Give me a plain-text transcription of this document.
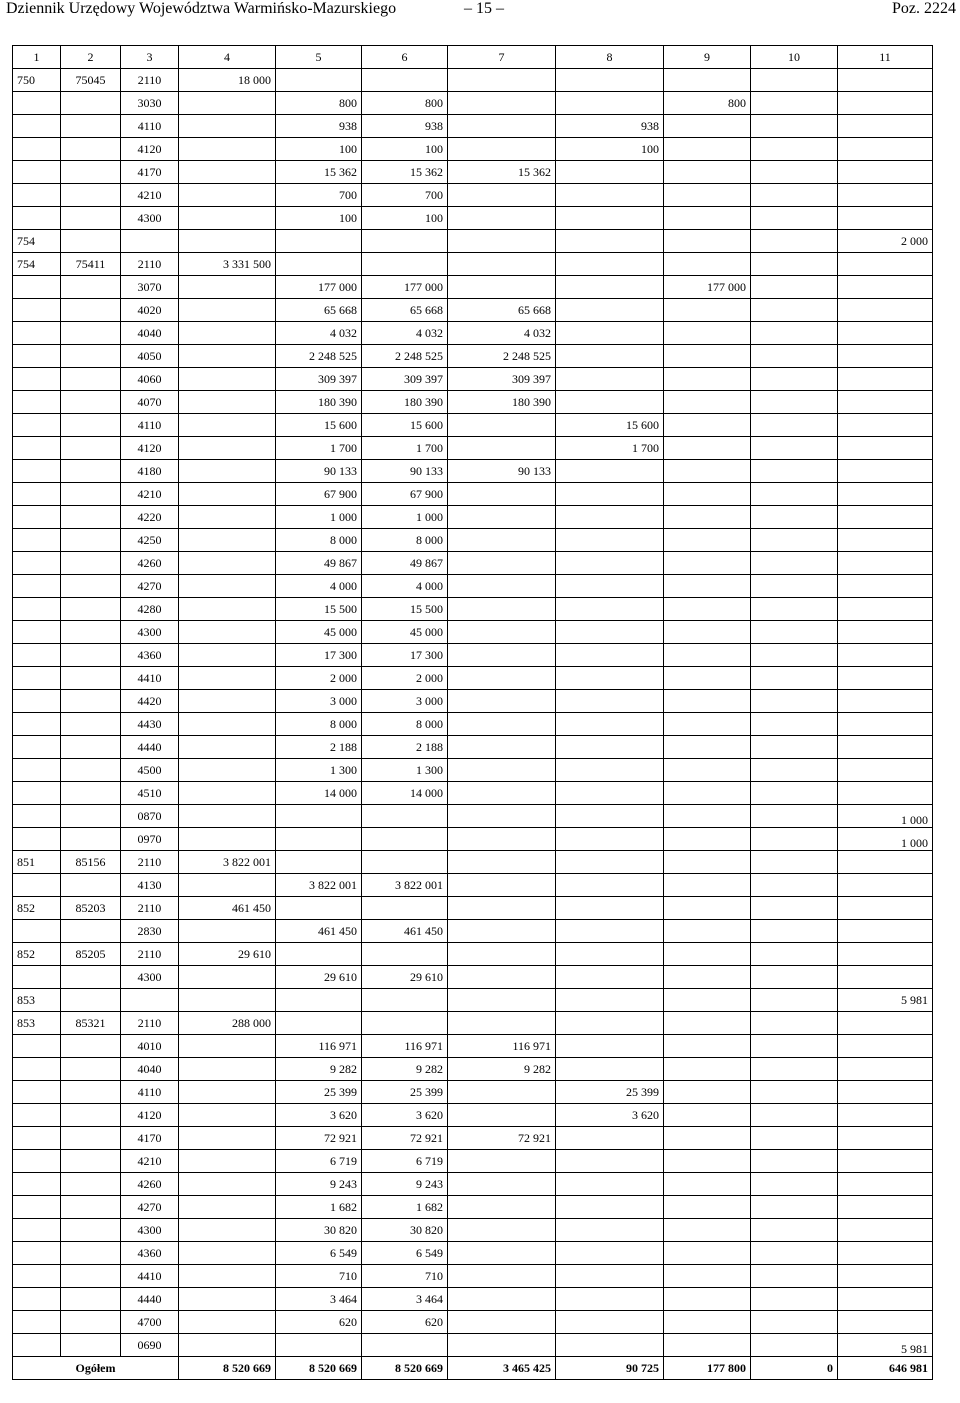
Dziennik Urzędowy Województwa Warmińsko-Mazurskiego	– 15 –	Poz. 2224
1	2	3	4	5	6	7	8	9	10	11
750	75045	2110	18 000							
		3030		800	800			800		
		4110		938	938		938			
		4120		100	100		100			
		4170		15 362	15 362	15 362				
		4210		700	700					
		4300		100	100					
754										2 000
754	75411	2110	3 331 500							
		3070		177 000	177 000			177 000		
		4020		65 668	65 668	65 668				
		4040		4 032	4 032	4 032				
		4050		2 248 525	2 248 525	2 248 525				
		4060		309 397	309 397	309 397				
		4070		180 390	180 390	180 390				
		4110		15 600	15 600		15 600			
		4120		1 700	1 700		1 700			
		4180		90 133	90 133	90 133				
		4210		67 900	67 900					
		4220		1 000	1 000					
		4250		8 000	8 000					
		4260		49 867	49 867					
		4270		4 000	4 000					
		4280		15 500	15 500					
		4300		45 000	45 000					
		4360		17 300	17 300					
		4410		2 000	2 000					
		4420		3 000	3 000					
		4430		8 000	8 000					
		4440		2 188	2 188					
		4500		1 300	1 300					
		4510		14 000	14 000					
		0870								1 000
		0970								1 000
851	85156	2110	3 822 001							
		4130		3 822 001	3 822 001					
852	85203	2110	461 450							
		2830		461 450	461 450					
852	85205	2110	29 610							
		4300		29 610	29 610					
853										5 981
853	85321	2110	288 000							
		4010		116 971	116 971	116 971				
		4040		9 282	9 282	9 282				
		4110		25 399	25 399		25 399			
		4120		3 620	3 620		3 620			
		4170		72 921	72 921	72 921				
		4210		6 719	6 719					
		4260		9 243	9 243					
		4270		1 682	1 682					
		4300		30 820	30 820					
		4360		6 549	6 549					
		4410		710	710					
		4440		3 464	3 464					
		4700		620	620					
		0690								5 981
Ogółem			8 520 669	8 520 669	8 520 669	3 465 425	90 725	177 800	0	646 981
